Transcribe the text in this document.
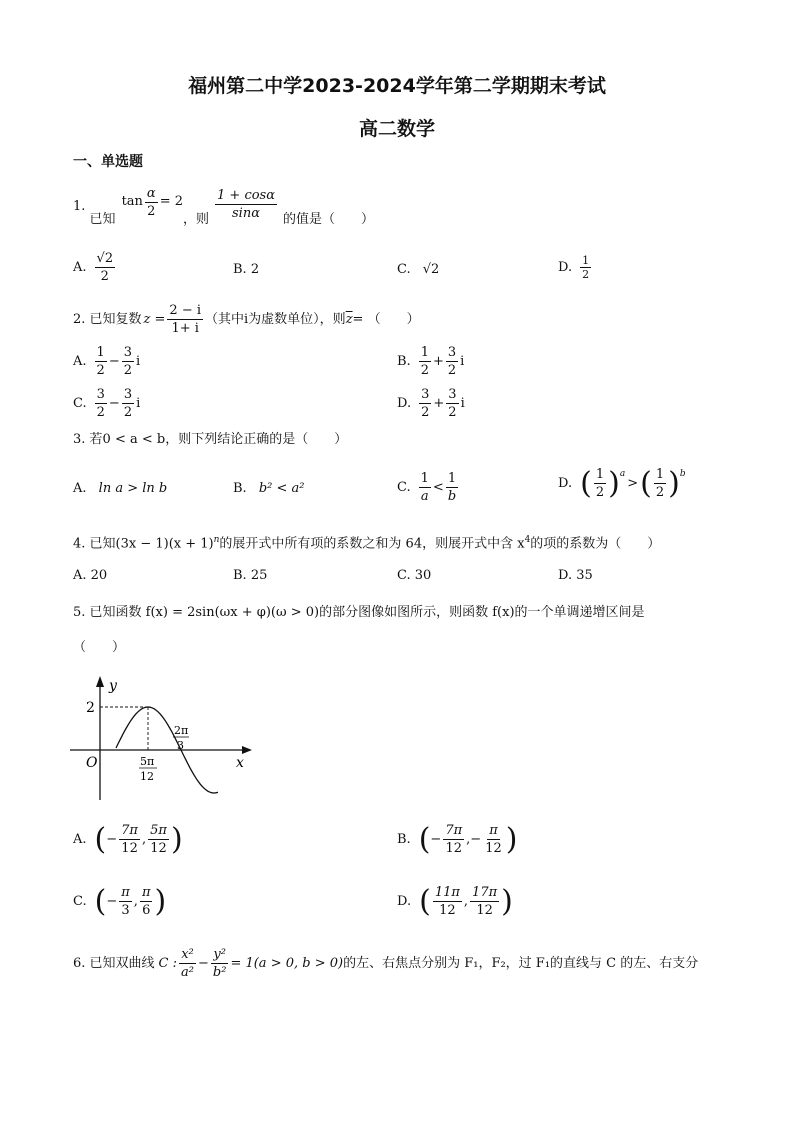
福州第二中学2023-2024学年第二学期期末考试
高二数学
一、单选题
1.

已知
$\tan \frac{\alpha}{2} = 2$
，则 $\frac{1 + \cos\alpha}{\sin\alpha}$ 的值是（　　）
A. $\frac{√2}{2}$	B. 2	C. √2	D. $\frac{1}{2}$
2. 已知复数 $z = \frac{2 - i}{1+ i}$ （其中i为虚数单位），则 $\overline{z}$ = （　　）
A. $\frac{1}{2} - \frac{3}{2}$ i	B. $\frac{1}{2} + \frac{3}{2}$ i
C. $\frac{3}{2} - \frac{3}{2}$ i	D. $\frac{3}{2} + \frac{3}{2}$ i
3. 若0 < a < b，则下列结论正确的是（　　）
A. ln a > ln b	B. b² < a²	C. $\frac{1}{a} < \frac{1}{b}$	D. ( $\frac{1}{2} )^a$
> ( $\frac{1}{2} )^b$
4. 已知$(3x - 1)(x + 1)^n$的展开式中所有项的系数之和为 64，则展开式中含 $x^4$的项的系数为（　　）
A. 20	B. 25	C. 30	D. 35
5. 已知函数 f(x) = 2sin(ωx + φ)(ω > 0)的部分图像如图所示，则函数 f(x)的一个单调递增区间是
（　　）
y
x
O
2
5π
12
2π
3
A. ( − $\frac{7\pi}{12}$ , $\frac{5\pi}{12}$ )	B. ( − $\frac{7\pi}{12}$ , − $\frac{\pi}{12}$ )
C. ( − $\frac{\pi}{3}$ , $\frac{\pi}{6}$ )	D. ( $\frac{11\pi}{12}$ , $\frac{17\pi}{12}$ )
6. 已知双曲线 C : $\frac{\text{x²}}{\text{a²}} - \frac{\text{y²}}{\text{b²}} = 1(a > 0$, b > 0) 的左、右焦点分别为 F₁，F₂，过 F₁的直线与 C 的左、右支分
